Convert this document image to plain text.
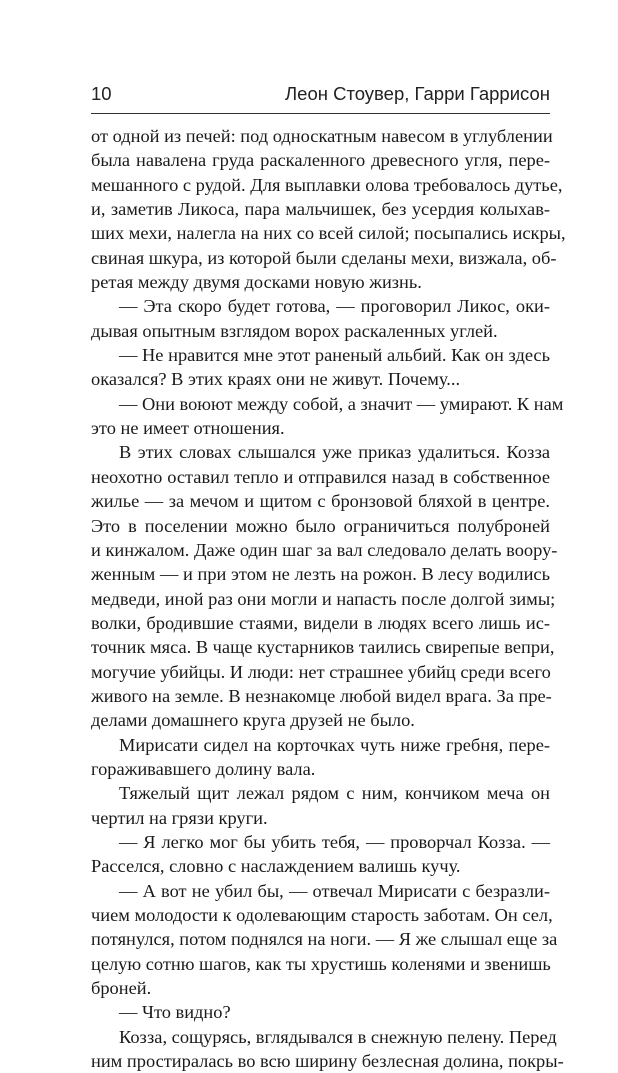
10	Леон Стоувер, Гарри Гаррисон
от одной из печей: под односкатным навесом в углублении
была навалена груда раскаленного древесного угля, пере-
мешанного с рудой. Для выплавки олова требовалось дутье,
и, заметив Ликоса, пара мальчишек, без усердия колыхав-
ших мехи, налегла на них со всей силой; посыпались искры,
свиная шкура, из которой были сделаны мехи, визжала, об-
ретая между двумя досками новую жизнь.
— Эта скоро будет готова, — проговорил Ликос, оки-
дывая опытным взглядом ворох раскаленных углей.
— Не нравится мне этот раненый альбий. Как он здесь
оказался? В этих краях они не живут. Почему...
— Они воюют между собой, а значит — умирают. К нам
это не имеет отношения.
В этих словах слышался уже приказ удалиться. Козза
неохотно оставил тепло и отправился назад в собственное
жилье — за мечом и щитом с бронзовой бляхой в центре.
Это в поселении можно было ограничиться полуброней
и кинжалом. Даже один шаг за вал следовало делать воору-
женным — и при этом не лезть на рожон. В лесу водились
медведи, иной раз они могли и напасть после долгой зимы;
волки, бродившие стаями, видели в людях всего лишь ис-
точник мяса. В чаще кустарников таились свирепые вепри,
могучие убийцы. И люди: нет страшнее убийц среди всего
живого на земле. В незнакомце любой видел врага. За пре-
делами домашнего круга друзей не было.
Мирисати сидел на корточках чуть ниже гребня, пере-
гораживавшего долину вала.
Тяжелый щит лежал рядом с ним, кончиком меча он
чертил на грязи круги.
— Я легко мог бы убить тебя, — проворчал Козза. —
Расселся, словно с наслаждением валишь кучу.
— А вот не убил бы, — отвечал Мирисати с безразли-
чием молодости к одолевающим старость заботам. Он сел,
потянулся, потом поднялся на ноги. — Я же слышал еще за
целую сотню шагов, как ты хрустишь коленями и звенишь
броней.
— Что видно?
Козза, сощурясь, вглядывался в снежную пелену. Перед
ним простиралась во всю ширину безлесная долина, покры-
